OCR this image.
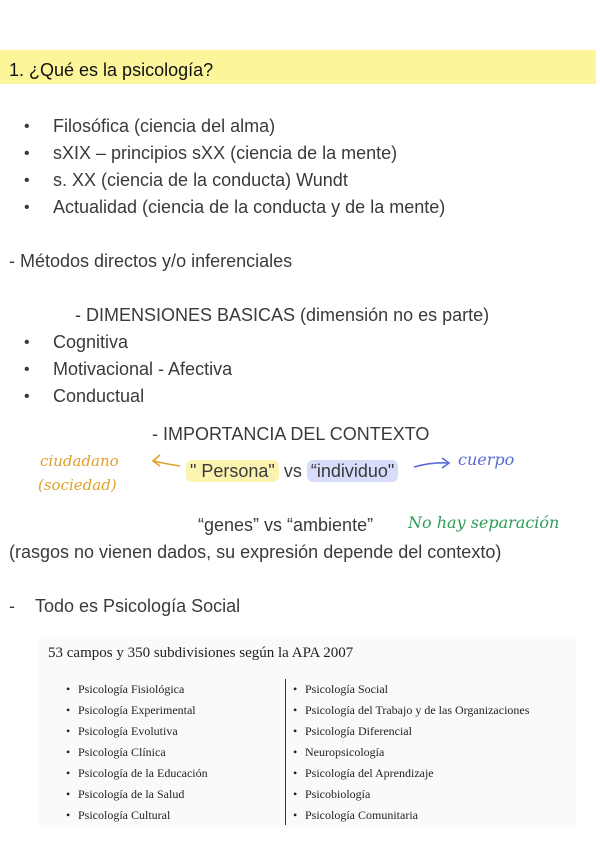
1. ¿Qué es la psicología?
• Filosófica (ciencia del alma)
• sXIX – principios sXX (ciencia de la mente)
• s. XX (ciencia de la conducta) Wundt
• Actualidad (ciencia de la conducta y de la mente)
- Métodos directos y/o inferenciales
- DIMENSIONES BASICAS (dimensión no es parte)
• Cognitiva
• Motivacional - Afectiva
• Conductual
- IMPORTANCIA DEL CONTEXTO
ciudadano
(sociedad)
" Persona" vs “individuo"
cuerpo
“genes” vs “ambiente” No hay separación
(rasgos no vienen dados, su expresión depende del contexto)
- Todo es Psicología Social
53 campos y 350 subdivisiones según la APA 2007
• Psicología Fisiológica
• Psicología Experimental
• Psicología Evolutiva
• Psicología Clínica
• Psicología de la Educación
• Psicología de la Salud
• Psicología Cultural
• Psicología Social
• Psicología del Trabajo y de las Organizaciones
• Psicología Diferencial
• Neuropsicología
• Psicología del Aprendizaje
• Psicobiología
• Psicología Comunitaria
